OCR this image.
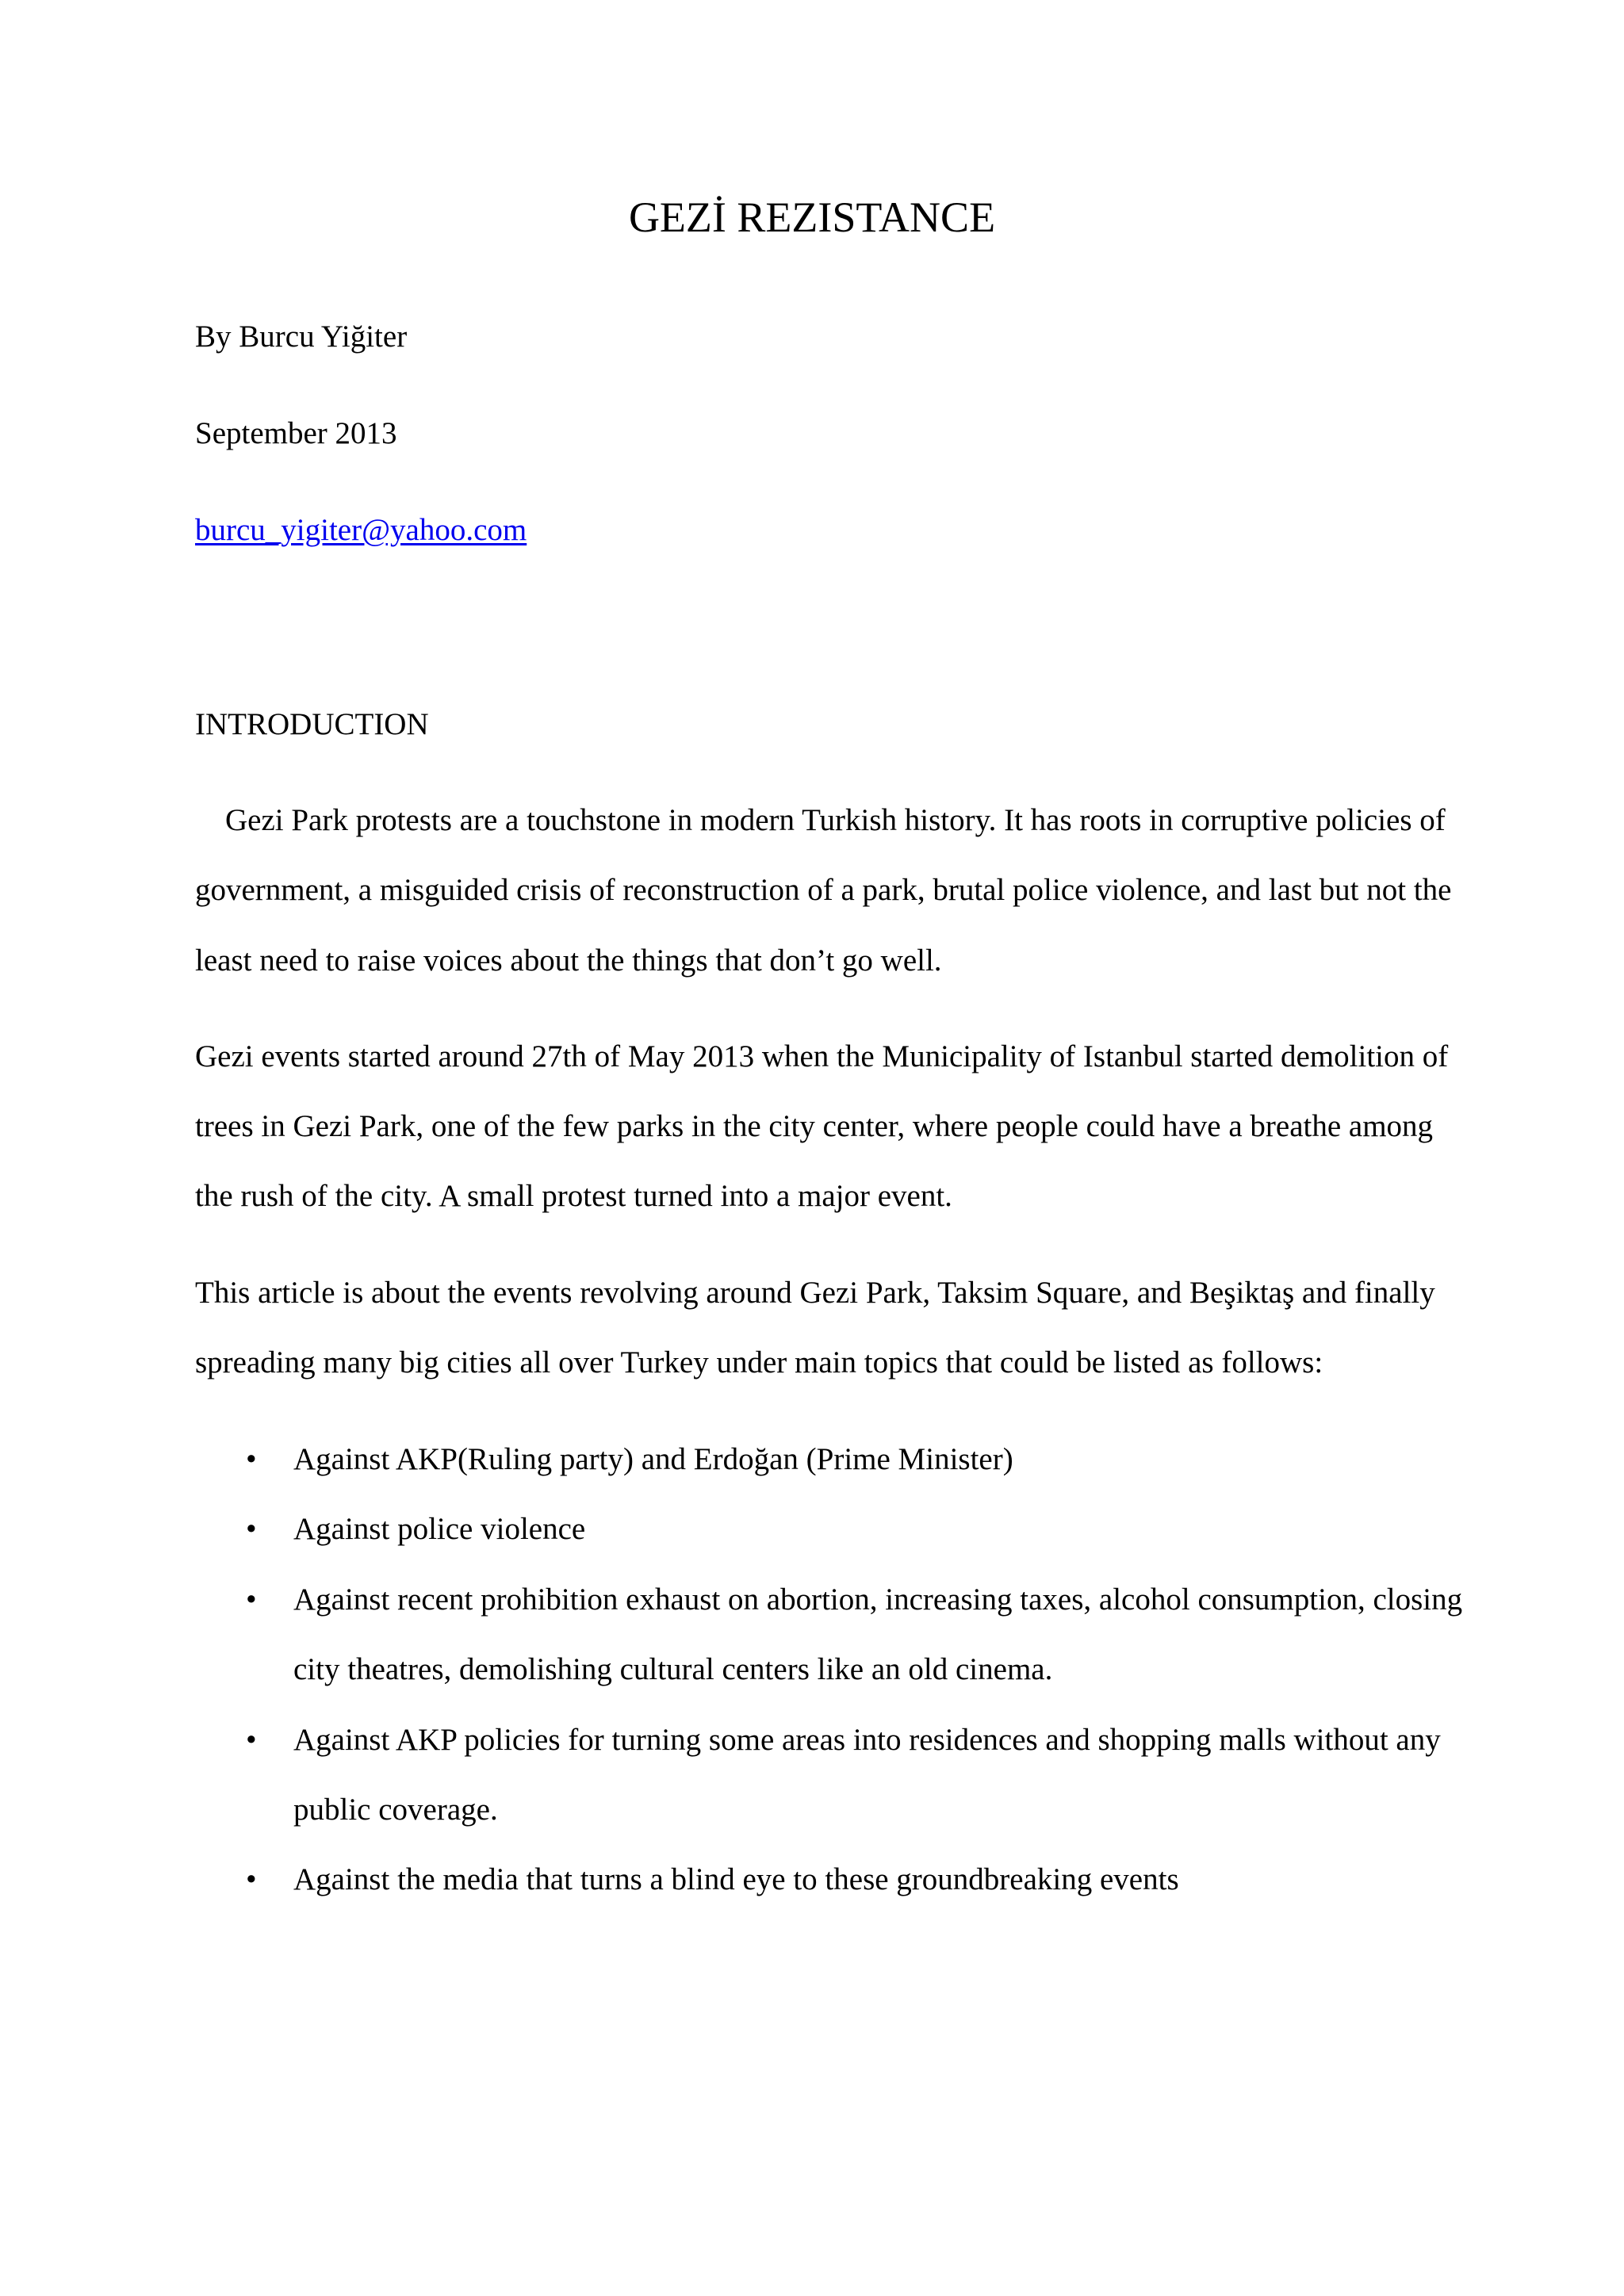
GEZİ REZISTANCE

By Burcu Yiğiter

September 2013

burcu_yigiter@yahoo.com

INTRODUCTION

Gezi Park protests are a touchstone in modern Turkish history. It has roots in corruptive policies of

government, a misguided crisis of reconstruction of a park, brutal police violence, and last but not the

least need to raise voices about the things that don’t go well.

Gezi events started around 27th of May 2013 when the Municipality of Istanbul started demolition of

trees in Gezi Park, one of the few parks in the city center, where people could have a breathe among

the rush of the city. A small protest turned into a major event.

This article is about the events revolving around Gezi Park, Taksim Square, and Beşiktaş and finally

spreading many big cities all over Turkey under main topics that could be listed as follows:

• Against AKP(Ruling party) and Erdoğan (Prime Minister)

• Against police violence

• Against recent prohibition exhaust on abortion, increasing taxes, alcohol consumption, closing

city theatres, demolishing cultural centers like an old cinema.

• Against AKP policies for turning some areas into residences and shopping malls without any

public coverage.

• Against the media that turns a blind eye to these groundbreaking events
